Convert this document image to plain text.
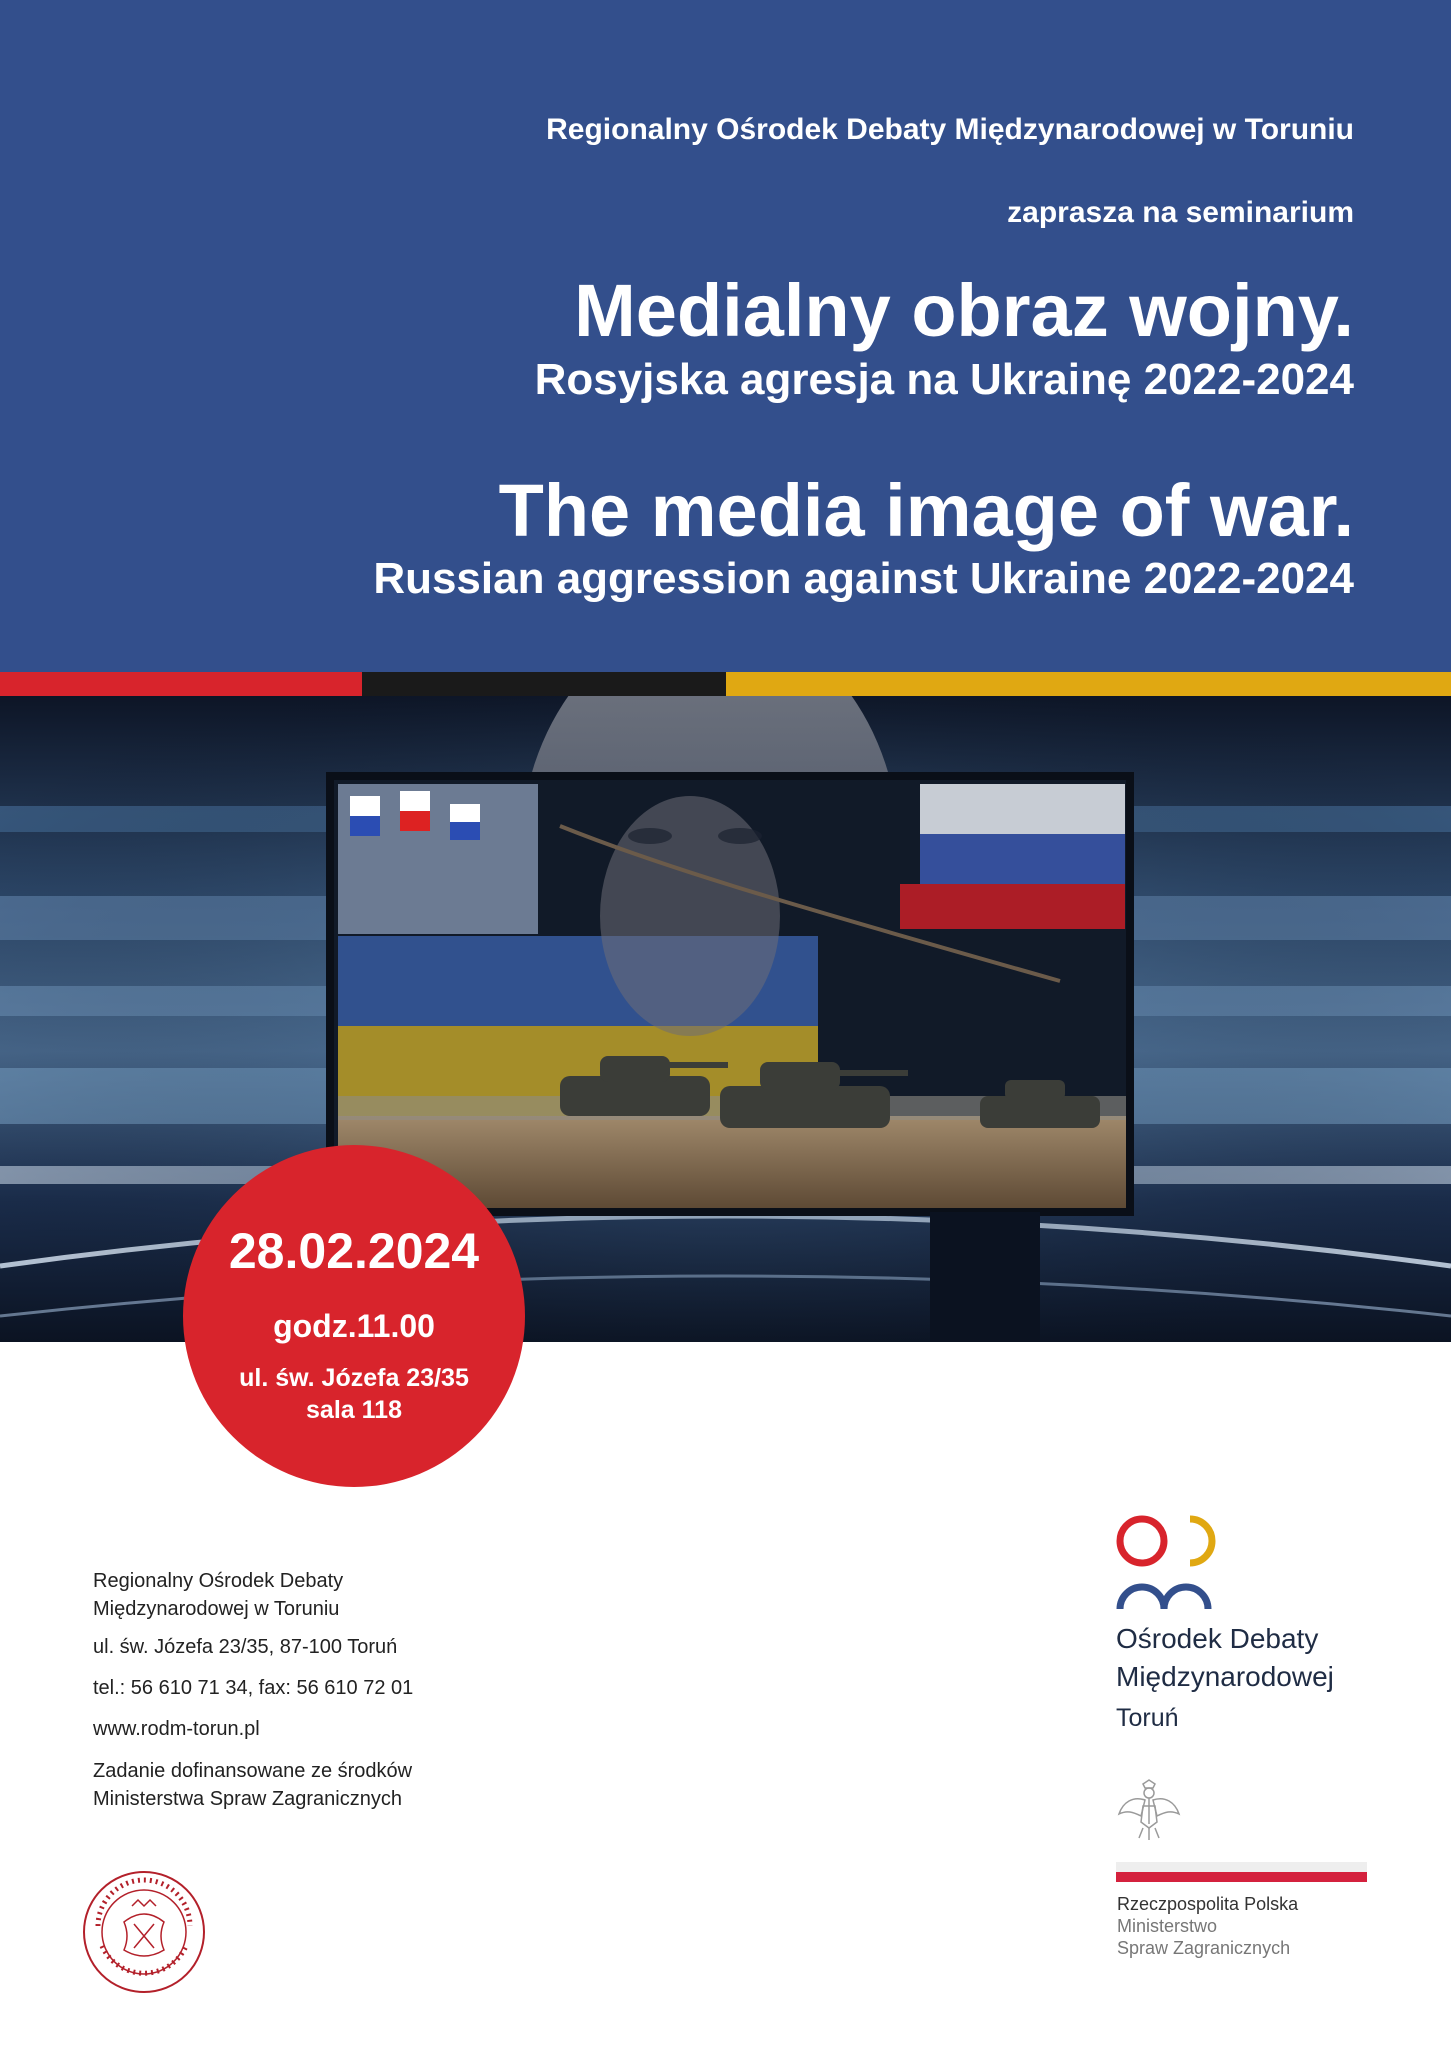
Regionalny Ośrodek Debaty Międzynarodowej w Toruniu
zaprasza na seminarium
Medialny obraz wojny.
Rosyjska agresja na Ukrainę 2022-2024
The media image of war.
Russian aggression against Ukraine 2022-2024
28.02.2024
godz.11.00
ul. św. Józefa 23/35
sala 118
Regionalny Ośrodek Debaty
Międzynarodowej w Toruniu
ul. św. Józefa 23/35, 87-100 Toruń
tel.: 56 610 71 34, fax: 56 610 72 01
www.rodm-torun.pl
Zadanie dofinansowane ze środków
Ministerstwa Spraw Zagranicznych
Ośrodek Debaty
Międzynarodowej
Toruń
Rzeczpospolita Polska
Ministerstwo
Spraw Zagranicznych
